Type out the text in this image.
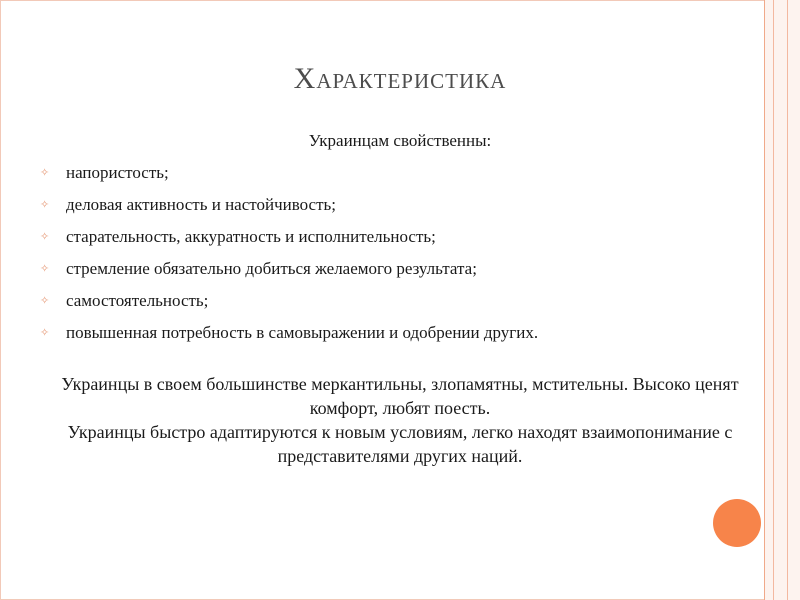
Характеристика
Украинцам свойственны:
✧ напористость;
✧ деловая активность и настойчивость;
✧ старательность, аккуратность и исполнительность;
✧ стремление обязательно добиться желаемого результата;
✧ самостоятельность;
✧ повышенная потребность в самовыражении и одобрении других.

Украинцы в своем большинстве меркантильны, злопамятны, мстительны. Высоко ценят комфорт, любят поесть.

Украинцы быстро адаптируются к новым условиям, легко находят взаимопонимание с представителями других наций.
